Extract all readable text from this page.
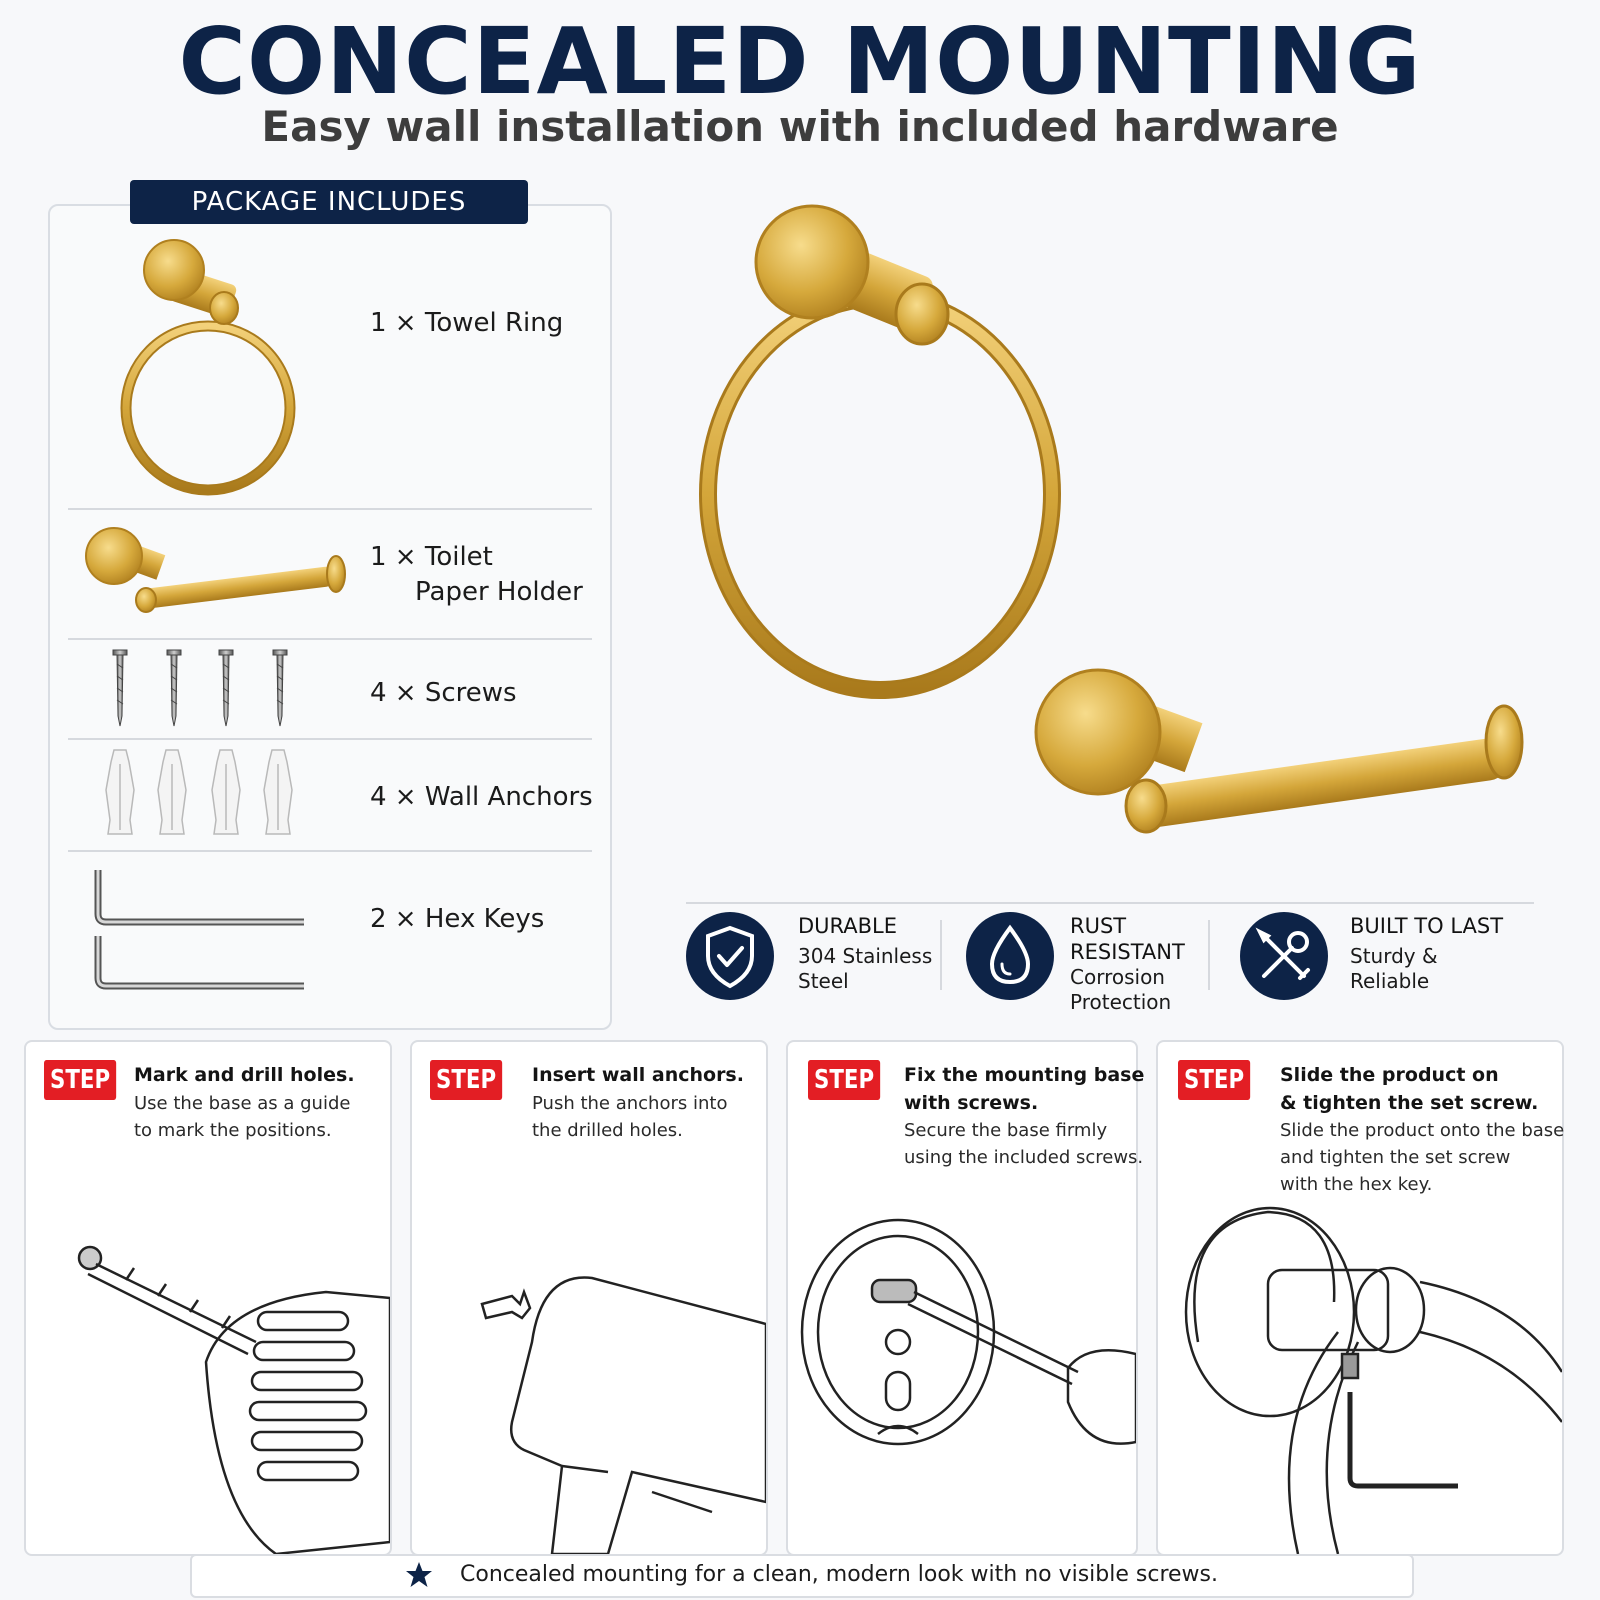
CONCEALED MOUNTING
Easy wall installation with included hardware
PACKAGE INCLUDES
1 × Towel Ring
1 × Toilet
Paper Holder
4 × Screws
4 × Wall Anchors
2 × Hex Keys	DURABLE
304 Stainless
Steel
RUST
RESISTANT
Corrosion
Protection
BUILT TO LAST
Sturdy &
Reliable
STEP 1
Mark and drill holes.
Use the base as a guide
to mark the positions.
STEP 2
Insert wall anchors.
Push the anchors into
the drilled holes.
STEP 3
Fix the mounting base
with screws.
Secure the base firmly
using the included screws.
STEP 4
Slide the product on
& tighten the set screw.
Slide the product onto the base
and tighten the set screw
with the hex key.
Concealed mounting for a clean, modern look with no visible screws.
